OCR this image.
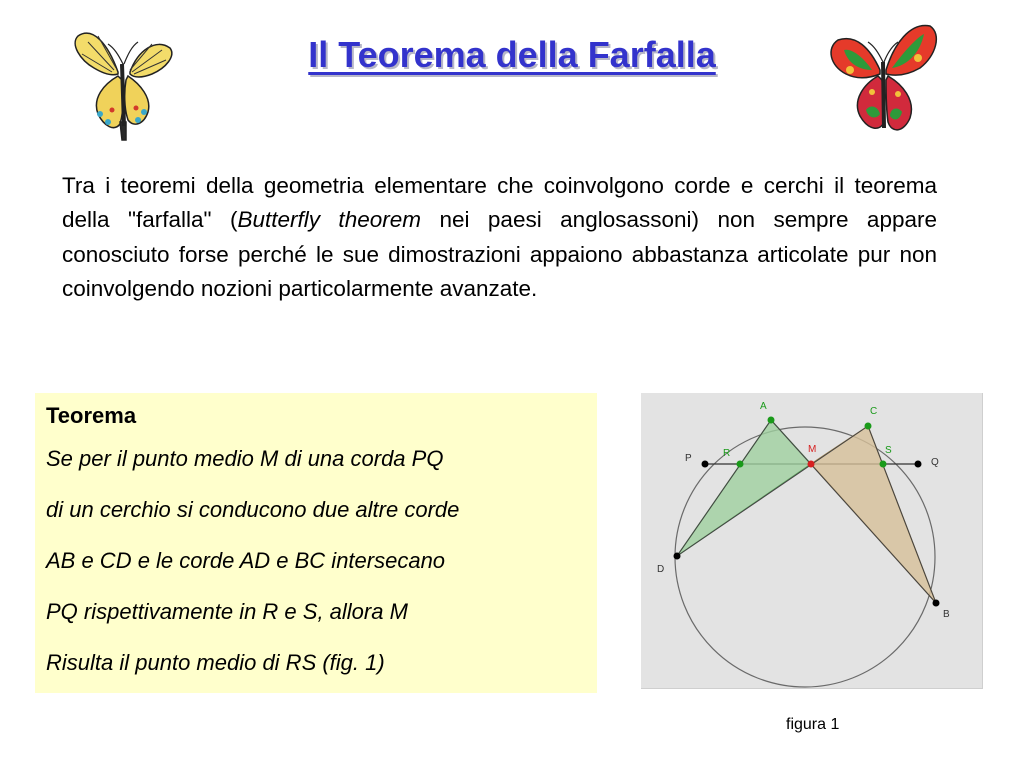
Il Teorema della Farfalla

Tra i teoremi della geometria elementare che coinvolgono corde e cerchi il teorema della "farfalla" (Butterfly theorem nei paesi anglosassoni) non sempre appare conosciuto forse perché le sue dimostrazioni appaiono abbastanza articolate pur non coinvolgendo nozioni particolarmente avanzate.

Teorema
Se per il punto medio M di una corda PQ
di un cerchio si conducono due altre corde
AB e CD e le corde AD e BC intersecano
PQ rispettivamente in R e S, allora M
Risulta il punto medio di RS (fig. 1)
A	C
M
R	S
P	Q
D
B

figura 1
